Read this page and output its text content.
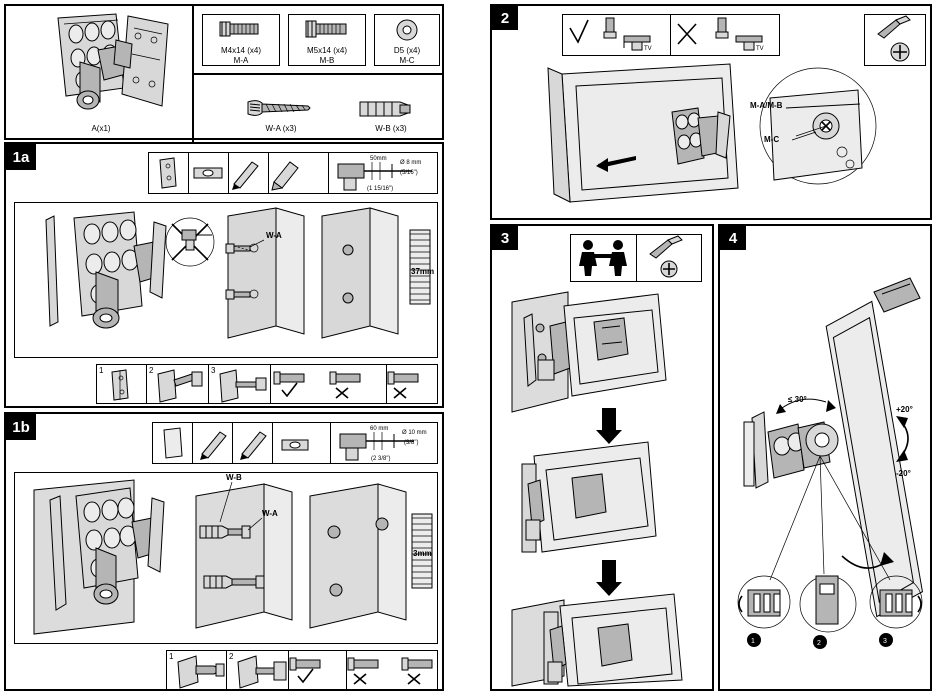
A(x1)
M4x14 (x4)
M-A
M5x14 (x4)
M-B
D5 (x4)
M-C
W-A (x3)	W-B (x3)
1a	50mm
(1 15/16")
Ø 8 mm
(5/16")
W-A
37mm
1	2	3
1b	60 mm
(2 3/8")
Ø 10 mm
(3/8")
W-B
W-A
3mm
1	2
2
TV	TV
M-A/M-B
M-C
3	4
≤ 30°
+20°
-20°
1	2	3
